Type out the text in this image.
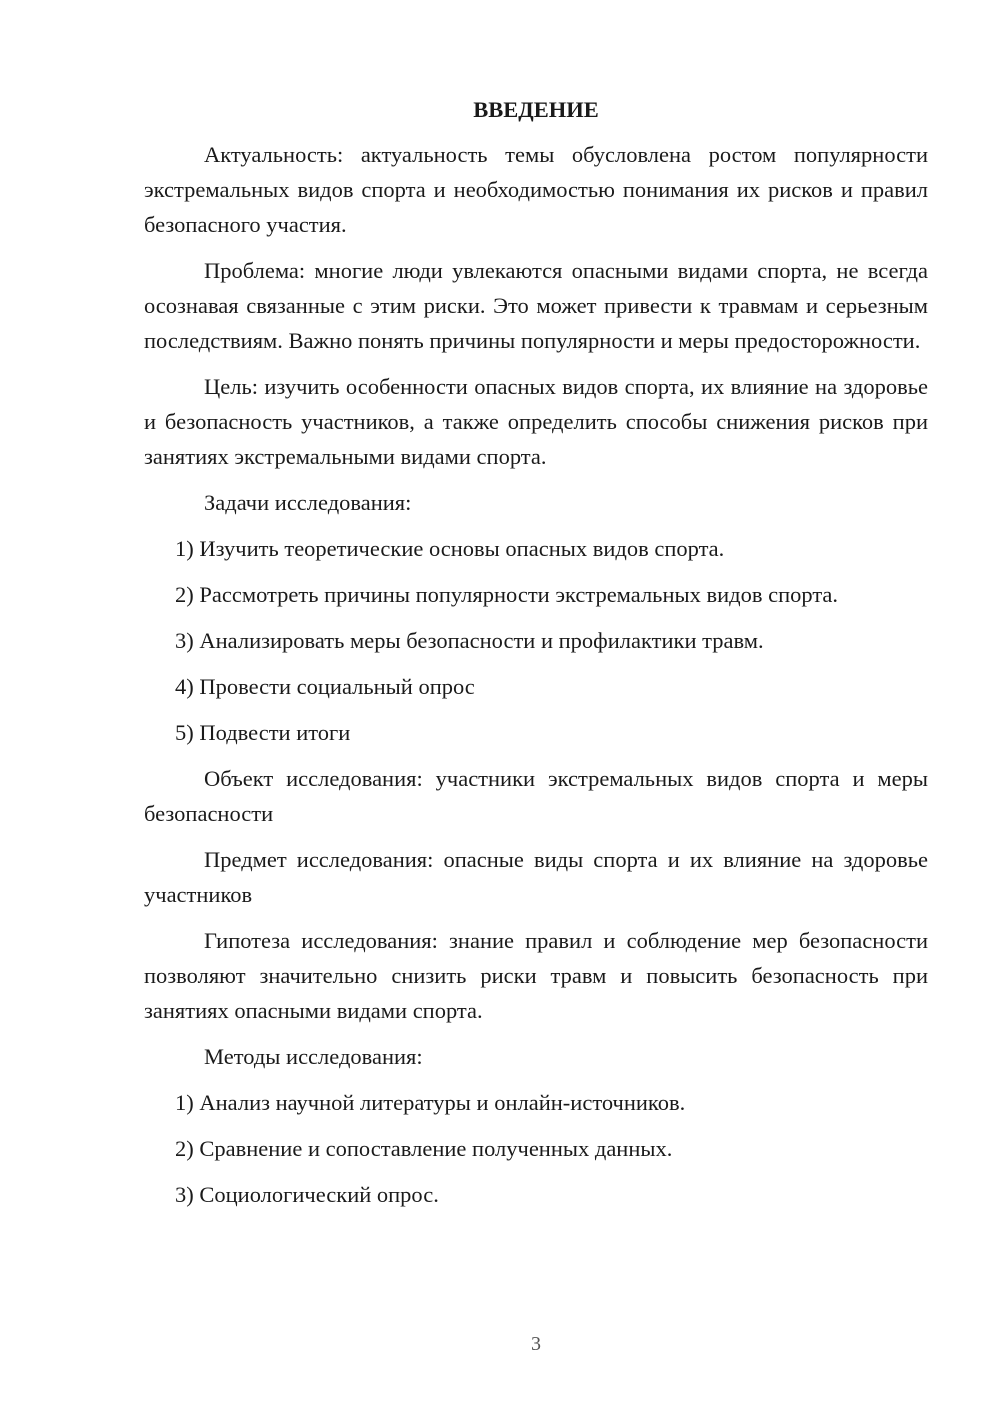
ВВЕДЕНИЕ
Актуальность: актуальность темы обусловлена ростом популярности экстремальных видов спорта и необходимостью понимания их рисков и правил безопасного участия.
Проблема: многие люди увлекаются опасными видами спорта, не всегда осознавая связанные с этим риски. Это может привести к травмам и серьезным последствиям. Важно понять причины популярности и меры предосторожности.
Цель: изучить особенности опасных видов спорта, их влияние на здоровье и безопасность участников, а также определить способы снижения рисков при занятиях экстремальными видами спорта.
Задачи исследования:
1) Изучить теоретические основы опасных видов спорта.
2) Рассмотреть причины популярности экстремальных видов спорта.
3) Анализировать меры безопасности и профилактики травм.
4) Провести социальный опрос
5) Подвести итоги
Объект исследования: участники экстремальных видов спорта и меры безопасности
Предмет исследования: опасные виды спорта и их влияние на здоровье участников
Гипотеза исследования: знание правил и соблюдение мер безопасности позволяют значительно снизить риски травм и повысить безопасность при занятиях опасными видами спорта.
Методы исследования:
1) Анализ научной литературы и онлайн-источников.
2) Сравнение и сопоставление полученных данных.
3) Социологический опрос.
3
